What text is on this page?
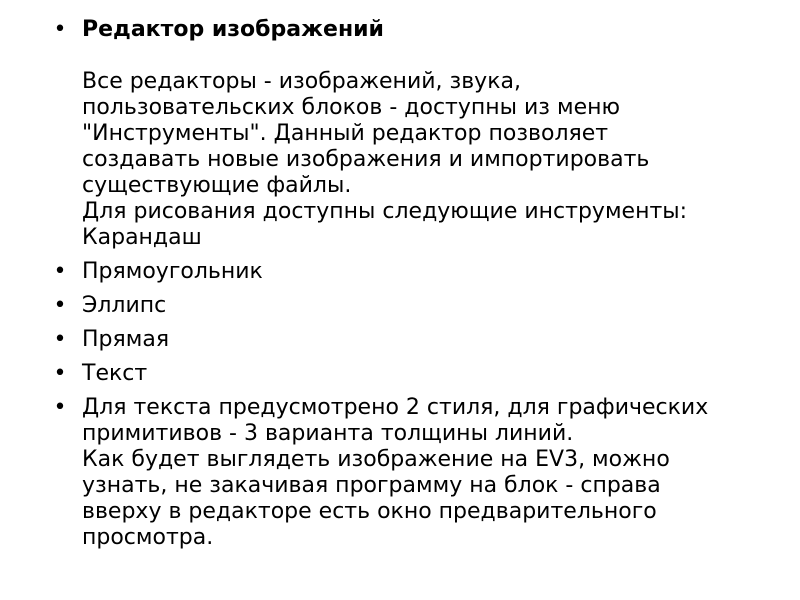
• Редактор изображений
Все редакторы - изображений, звука,
пользовательских блоков - доступны из меню
"Инструменты". Данный редактор позволяет
создавать новые изображения и импортировать
существующие файлы.
Для рисования доступны следующие инструменты:
Карандаш
• Прямоугольник
• Эллипс
• Прямая
• Текст
• Для текста предусмотрено 2 стиля, для графических
примитивов - 3 варианта толщины линий.
Как будет выглядеть изображение на EV3, можно
узнать, не закачивая программу на блок - справа
вверху в редакторе есть окно предварительного
просмотра.
